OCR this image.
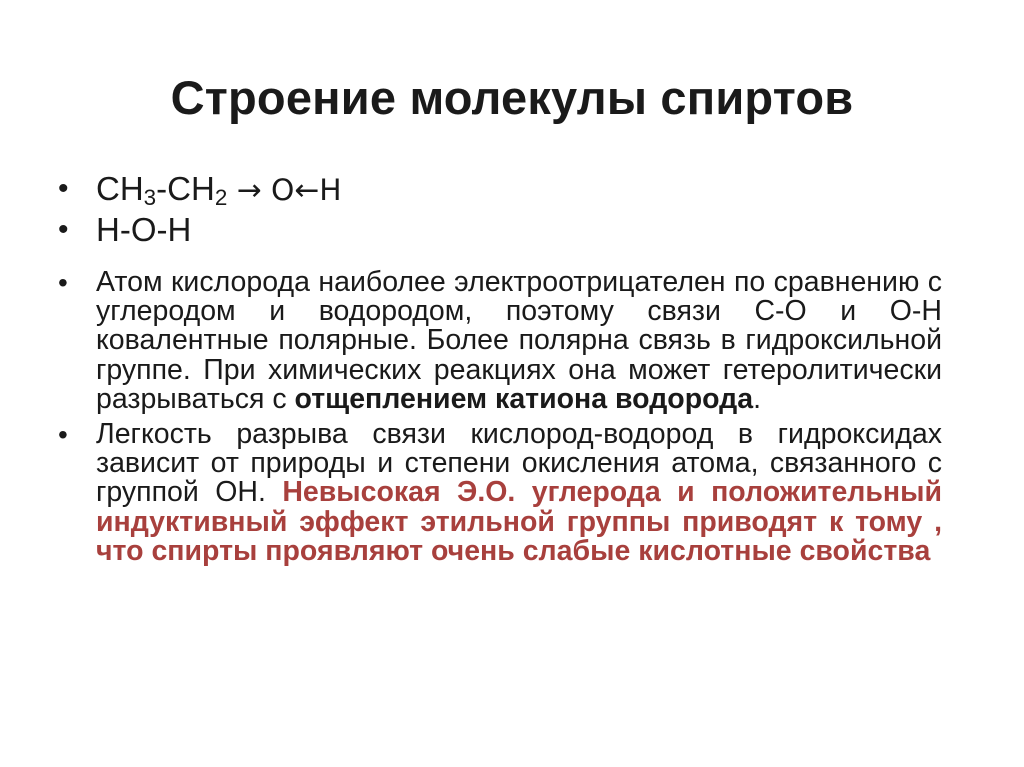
Строение молекулы спиртов
• CH3-CH2 → O←H
• H-O-H
• Атом кислорода наиболее электроотрицателен по сравнению с углеродом и водородом, поэтому связи С-О и О-Н ковалентные полярные. Более полярна связь в гидроксильной группе. При химических реакциях она может гетеролитически разрываться с отщеплением катиона водорода.
• Легкость разрыва связи кислород-водород в гидроксидах зависит от природы и степени окисления атома, связанного с группой ОН. Невысокая Э.О. углерода и положительный индуктивный эффект этильной группы приводят к тому , что спирты проявляют очень слабые кислотные свойства
